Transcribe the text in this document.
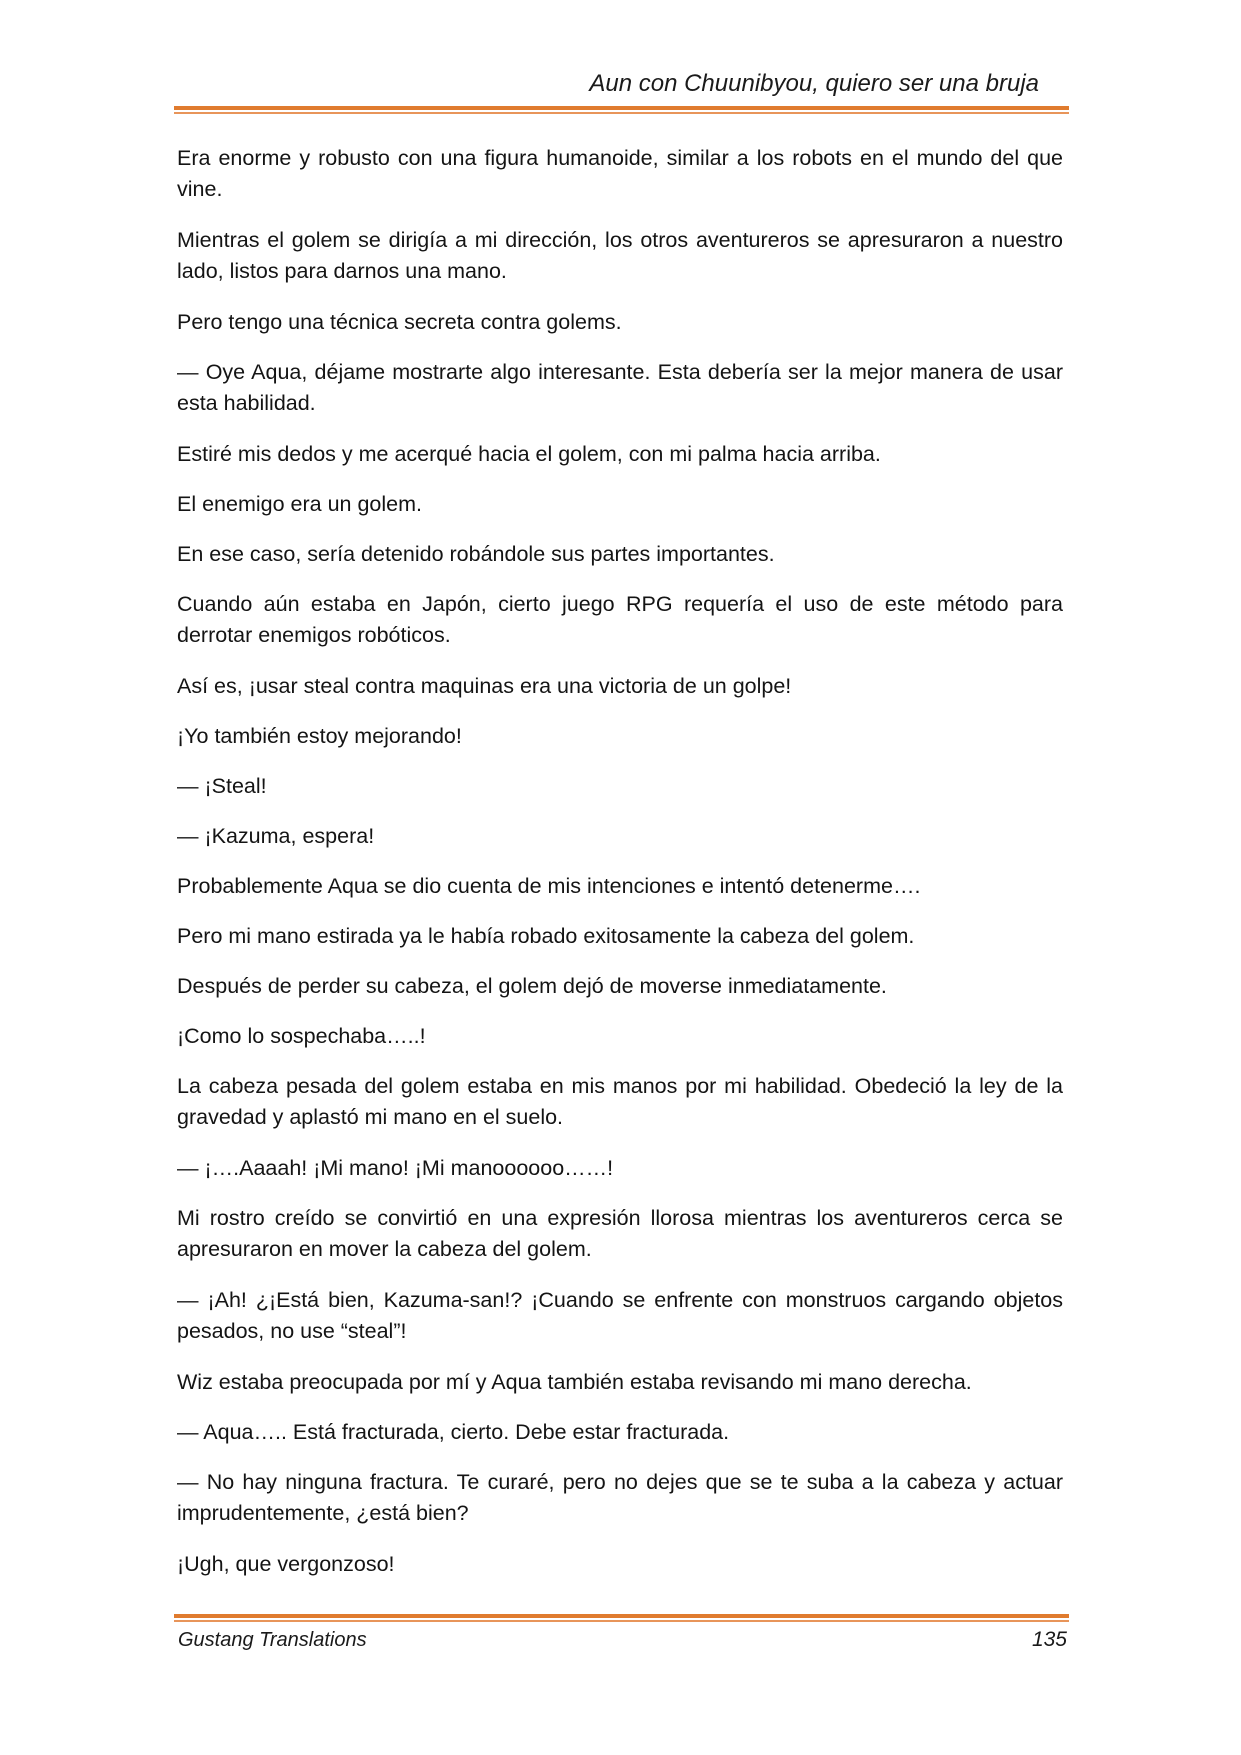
Aun con Chuunibyou, quiero ser una bruja

Era enorme y robusto con una figura humanoide, similar a los robots en el mundo del que vine.

Mientras el golem se dirigía a mi dirección, los otros aventureros se apresuraron a nuestro lado, listos para darnos una mano.

Pero tengo una técnica secreta contra golems.

— Oye Aqua, déjame mostrarte algo interesante. Esta debería ser la mejor manera de usar esta habilidad.

Estiré mis dedos y me acerqué hacia el golem, con mi palma hacia arriba.

El enemigo era un golem.

En ese caso, sería detenido robándole sus partes importantes.

Cuando aún estaba en Japón, cierto juego RPG requería el uso de este método para derrotar enemigos robóticos.

Así es, ¡usar steal contra maquinas era una victoria de un golpe!

¡Yo también estoy mejorando!

— ¡Steal!

— ¡Kazuma, espera!

Probablemente Aqua se dio cuenta de mis intenciones e intentó detenerme….

Pero mi mano estirada ya le había robado exitosamente la cabeza del golem.

Después de perder su cabeza, el golem dejó de moverse inmediatamente.

¡Como lo sospechaba…..!

La cabeza pesada del golem estaba en mis manos por mi habilidad. Obedeció la ley de la gravedad y aplastó mi mano en el suelo.

— ¡….Aaaah! ¡Mi mano! ¡Mi manoooooo……!

Mi rostro creído se convirtió en una expresión llorosa mientras los aventureros cerca se apresuraron en mover la cabeza del golem.

— ¡Ah! ¿¡Está bien, Kazuma-san!? ¡Cuando se enfrente con monstruos cargando objetos pesados, no use “steal”!

Wiz estaba preocupada por mí y Aqua también estaba revisando mi mano derecha.

— Aqua….. Está fracturada, cierto. Debe estar fracturada.

— No hay ninguna fractura. Te curaré, pero no dejes que se te suba a la cabeza y actuar imprudentemente, ¿está bien?

¡Ugh, que vergonzoso!

Gustang Translations	135
